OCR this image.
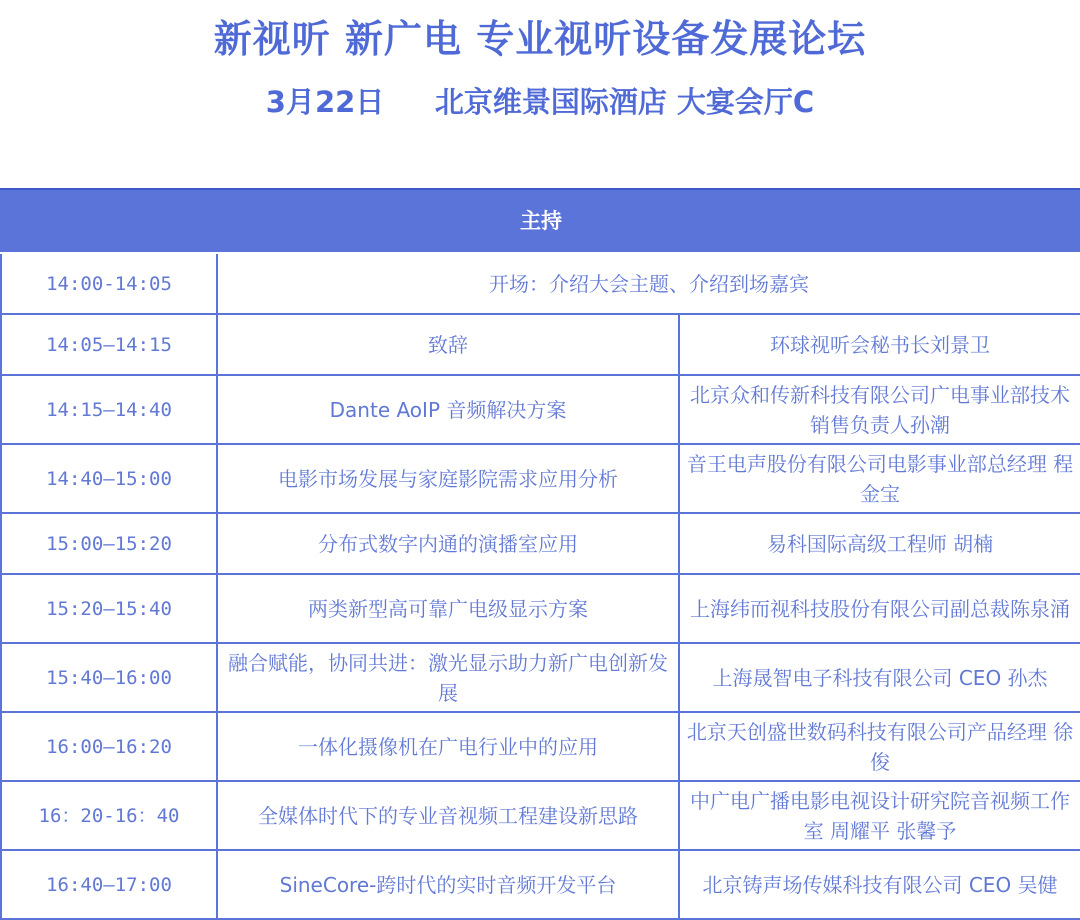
新视听 新广电 专业视听设备发展论坛
3月22日     北京维景国际酒店 大宴会厅C
主持		
14:00-14:05	开场：介绍大会主题、介绍到场嘉宾	
14:05—14:15	致辞	环球视听会秘书长刘景卫
14:15—14:40	Dante AoIP 音频解决方案	北京众和传新科技有限公司广电事业部技术销售负责人孙潮
14:40—15:00	电影市场发展与家庭影院需求应用分析	音王电声股份有限公司电影事业部总经理 程金宝
15:00—15:20	分布式数字内通的演播室应用	易科国际高级工程师 胡楠
15:20—15:40	两类新型高可靠广电级显示方案	上海纬而视科技股份有限公司副总裁陈泉涌
15:40—16:00	融合赋能，协同共进：激光显示助力新广电创新发展	上海晟智电子科技有限公司 CEO 孙杰
16:00—16:20	一体化摄像机在广电行业中的应用	北京天创盛世数码科技有限公司产品经理 徐俊
16：20-16：40	全媒体时代下的专业音视频工程建设新思路	中广电广播电影电视设计研究院音视频工作室 周耀平 张馨予
16:40—17:00	SineCore-跨时代的实时音频开发平台	北京铸声场传媒科技有限公司 CEO 吴健
